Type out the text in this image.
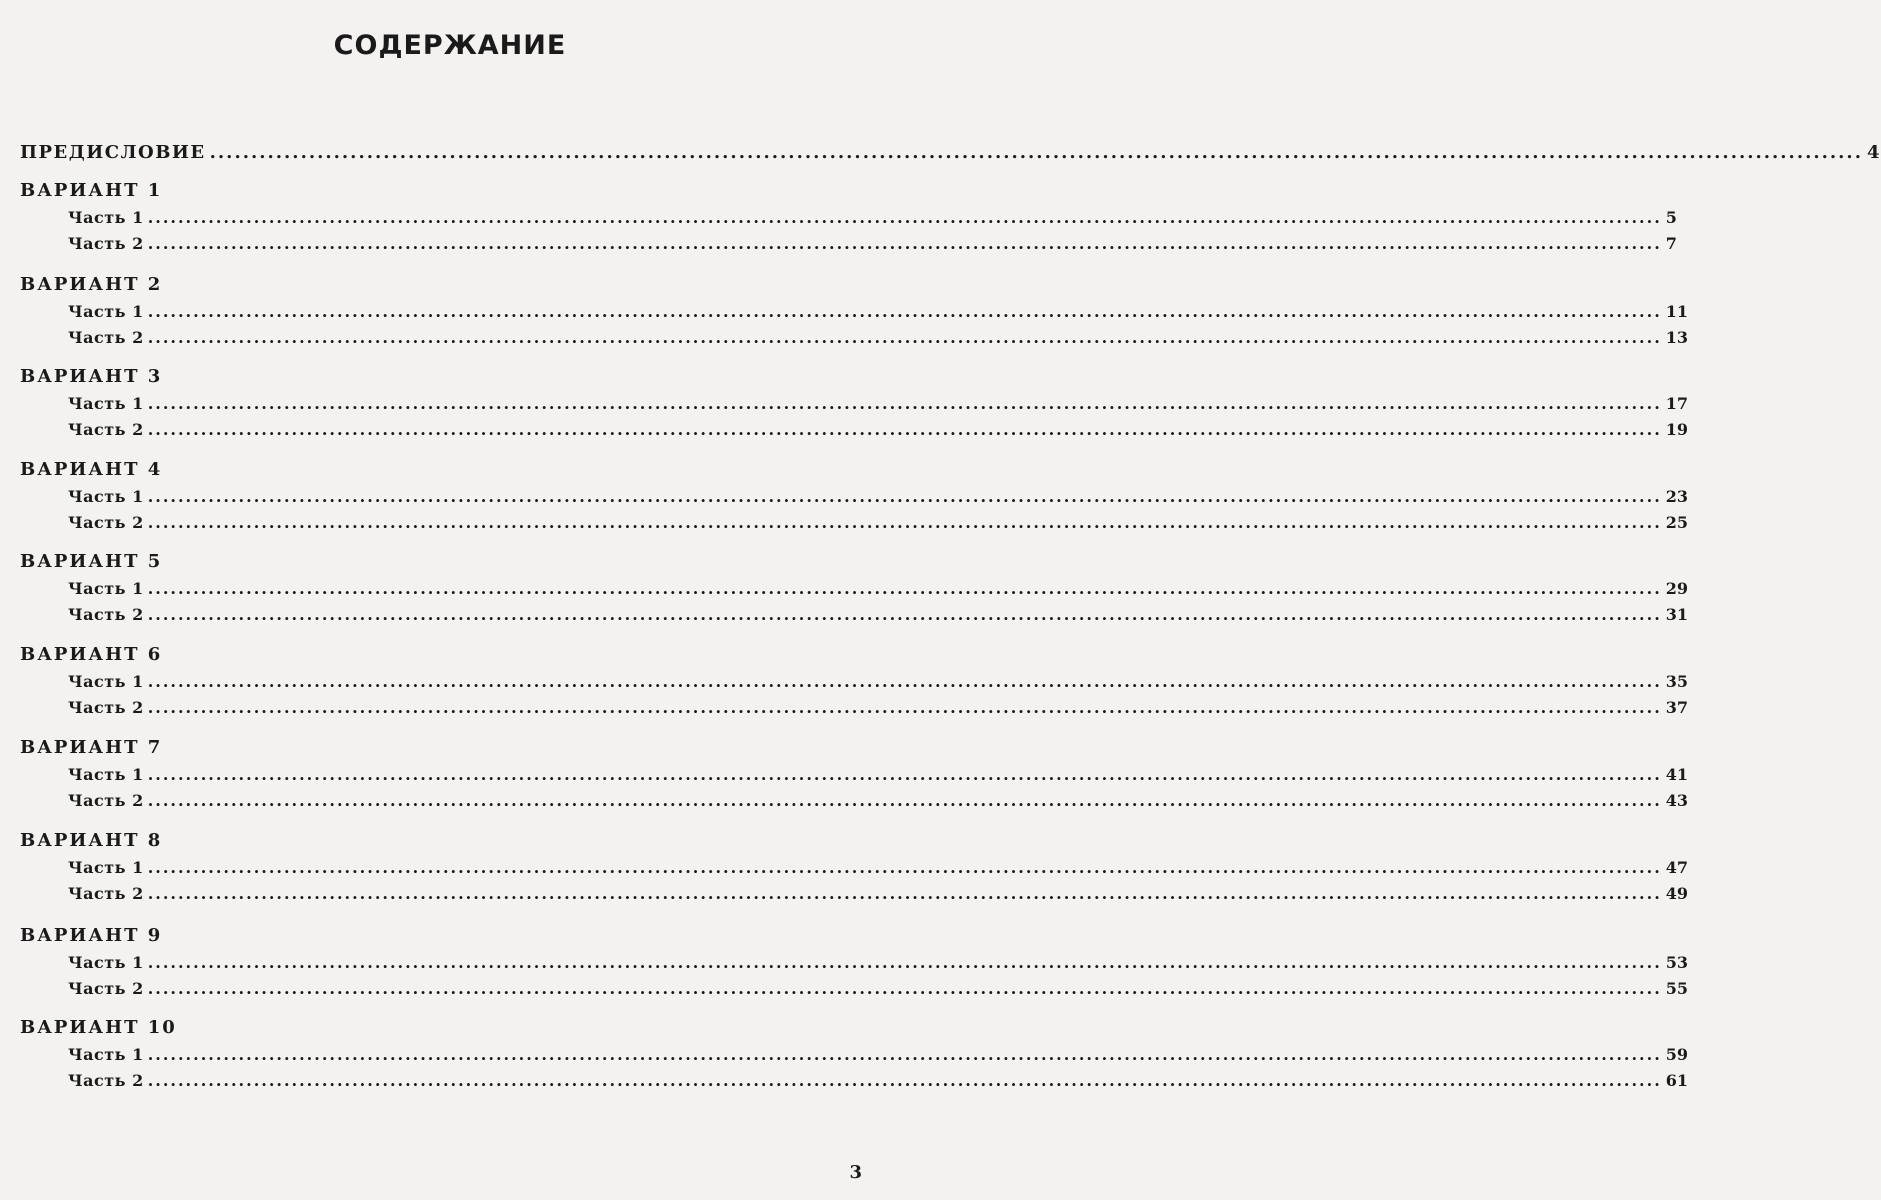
СОДЕРЖАНИЕ
ПРЕДИСЛОВИЕ ........................................................................................................................................................................................................ 4
ВАРИАНТ 1
Часть 1 ........................................................................................................................................................................................................ 5
Часть 2 ........................................................................................................................................................................................................ 7
ВАРИАНТ 2
Часть 1 ........................................................................................................................................................................................................ 11
Часть 2 ........................................................................................................................................................................................................ 13
ВАРИАНТ 3
Часть 1 ........................................................................................................................................................................................................ 17
Часть 2 ........................................................................................................................................................................................................ 19
ВАРИАНТ 4
Часть 1 ........................................................................................................................................................................................................ 23
Часть 2 ........................................................................................................................................................................................................ 25
ВАРИАНТ 5
Часть 1 ........................................................................................................................................................................................................ 29
Часть 2 ........................................................................................................................................................................................................ 31
ВАРИАНТ 6
Часть 1 ........................................................................................................................................................................................................ 35
Часть 2 ........................................................................................................................................................................................................ 37
ВАРИАНТ 7
Часть 1 ........................................................................................................................................................................................................ 41
Часть 2 ........................................................................................................................................................................................................ 43
ВАРИАНТ 8
Часть 1 ........................................................................................................................................................................................................ 47
Часть 2 ........................................................................................................................................................................................................ 49
ВАРИАНТ 9
Часть 1 ........................................................................................................................................................................................................ 53
Часть 2 ........................................................................................................................................................................................................ 55
ВАРИАНТ 10
Часть 1 ........................................................................................................................................................................................................ 59
Часть 2 ........................................................................................................................................................................................................ 61
3
